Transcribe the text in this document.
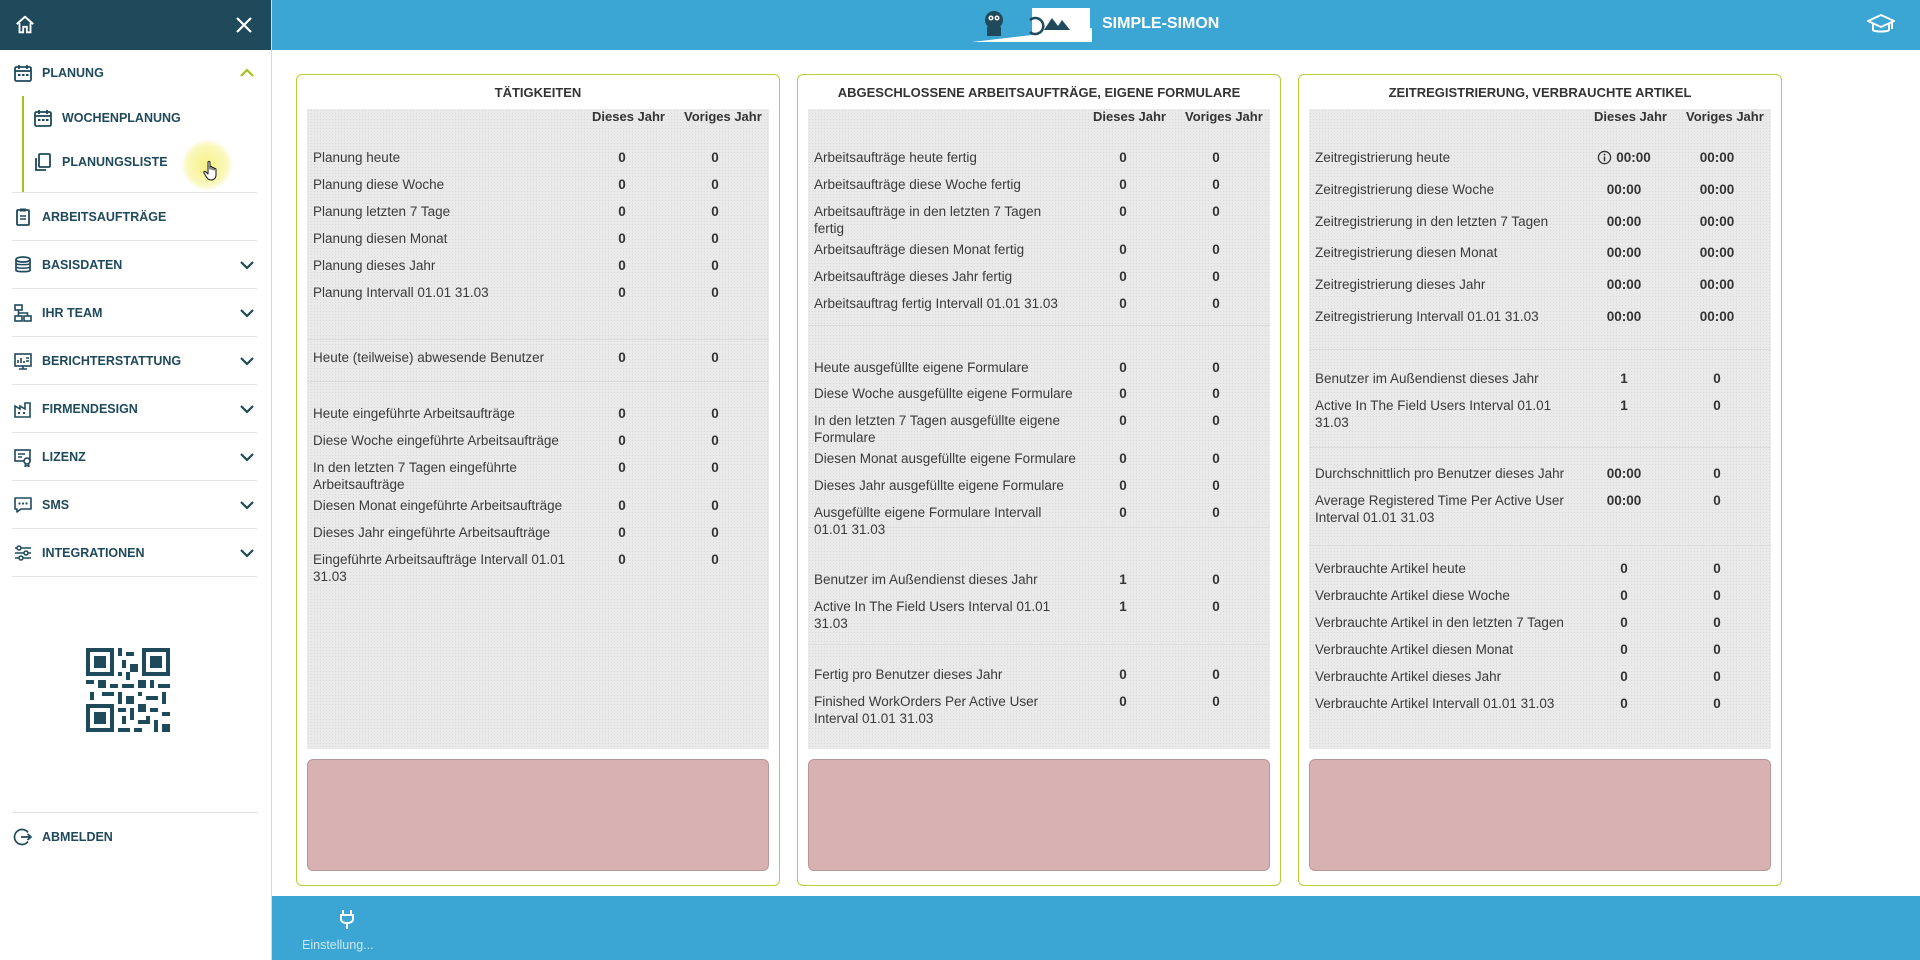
PLANUNG
WOCHENPLANUNG
PLANUNGSLISTE
ARBEITSAUFTRÄGE
BASISDATEN
IHR TEAM
BERICHTERSTATTUNG
FIRMENDESIGN
LIZENZ
SMS
INTEGRATIONEN
ABMELDEN
SIMPLE-SIMON
TÄTIGKEITEN
Dieses Jahr Voriges Jahr
Planung heute	0	0
Planung diese Woche	0	0
Planung letzten 7 Tage	0	0
Planung diesen Monat	0	0
Planung dieses Jahr	0	0
Planung Intervall 01.01 31.03	0	0
Heute (teilweise) abwesende Benutzer	0	0
Heute eingeführte Arbeitsaufträge	0	0
Diese Woche eingeführte Arbeitsaufträge	0	0
In den letzten 7 Tagen eingeführte Arbeitsaufträge
0	0
Diesen Monat eingeführte Arbeitsaufträge	0	0
Dieses Jahr eingeführte Arbeitsaufträge	0	0
Eingeführte Arbeitsaufträge Intervall 01.01 31.03
0	0
ABGESCHLOSSENE ARBEITSAUFTRÄGE, EIGENE FORMULARE
Dieses Jahr Voriges Jahr
Arbeitsaufträge heute fertig	0	0
Arbeitsaufträge diese Woche fertig	0	0
Arbeitsaufträge in den letzten 7 Tagen fertig
0	0
Arbeitsaufträge diesen Monat fertig	0	0
Arbeitsaufträge dieses Jahr fertig	0	0
Arbeitsauftrag fertig Intervall 01.01 31.03	0	0
Heute ausgefüllte eigene Formulare	0	0
Diese Woche ausgefüllte eigene Formulare	0	0
In den letzten 7 Tagen ausgefüllte eigene Formulare
0	0
Diesen Monat ausgefüllte eigene Formulare	0	0
Dieses Jahr ausgefüllte eigene Formulare	0	0
Ausgefüllte eigene Formulare Intervall 01.01 31.03
0	0
Benutzer im Außendienst dieses Jahr	1	0
Active In The Field Users Interval 01.01 31.03
1	0
Fertig pro Benutzer dieses Jahr	0	0
Finished WorkOrders Per Active User Interval 01.01 31.03
0	0
ZEITREGISTRIERUNG, VERBRAUCHTE ARTIKEL
Dieses Jahr Voriges Jahr
Zeitregistrierung heute	00:00	00:00
Zeitregistrierung diese Woche	00:00	00:00
Zeitregistrierung in den letzten 7 Tagen	00:00	00:00
Zeitregistrierung diesen Monat	00:00	00:00
Zeitregistrierung dieses Jahr	00:00	00:00
Zeitregistrierung Intervall 01.01 31.03	00:00	00:00
Benutzer im Außendienst dieses Jahr	1	0
Active In The Field Users Interval 01.01 31.03
1	0
Durchschnittlich pro Benutzer dieses Jahr	00:00	0
Average Registered Time Per Active User Interval 01.01 31.03
00:00	0
Verbrauchte Artikel heute	0	0
Verbrauchte Artikel diese Woche	0	0
Verbrauchte Artikel in den letzten 7 Tagen	0	0
Verbrauchte Artikel diesen Monat	0	0
Verbrauchte Artikel dieses Jahr	0	0
Verbrauchte Artikel Intervall 01.01 31.03	0	0
Einstellung...
